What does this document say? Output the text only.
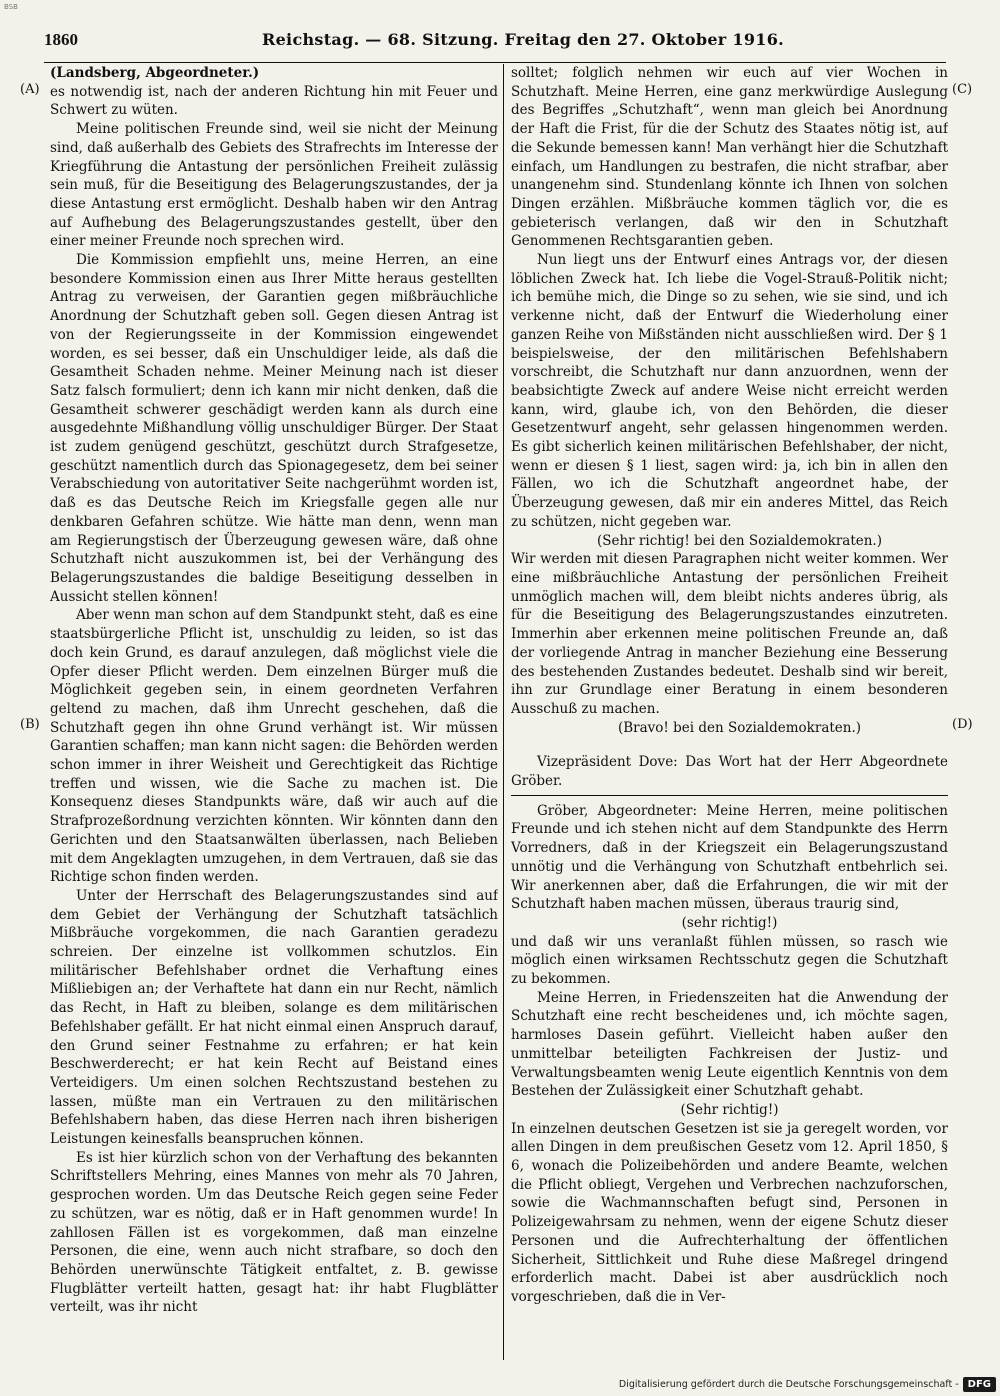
BSB
1860	Reichstag. — 68. Sitzung. Freitag den 27. Oktober 1916.
(A)
(B)
(C)
(D)

(Landsberg, Abgeordneter.)

es notwendig ist, nach der anderen Richtung hin mit Feuer und Schwert zu wüten.

Meine politischen Freunde sind, weil sie nicht der Meinung sind, daß außerhalb des Gebiets des Strafrechts im Interesse der Kriegführung die Antastung der persönlichen Freiheit zulässig sein muß, für die Beseitigung des Belagerungszustandes, der ja diese Antastung erst ermöglicht. Deshalb haben wir den Antrag auf Aufhebung des Belagerungszustandes gestellt, über den einer meiner Freunde noch sprechen wird.

Die Kommission empfiehlt uns, meine Herren, an eine besondere Kommission einen aus Ihrer Mitte heraus gestellten Antrag zu verweisen, der Garantien gegen mißbräuchliche Anordnung der Schutzhaft geben soll. Gegen diesen Antrag ist von der Regierungsseite in der Kommission eingewendet worden, es sei besser, daß ein Unschuldiger leide, als daß die Gesamtheit Schaden nehme. Meiner Meinung nach ist dieser Satz falsch formuliert; denn ich kann mir nicht denken, daß die Gesamtheit schwerer geschädigt werden kann als durch eine ausgedehnte Mißhandlung völlig unschuldiger Bürger. Der Staat ist zudem genügend geschützt, geschützt durch Strafgesetze, geschützt namentlich durch das Spionagegesetz, dem bei seiner Verabschiedung von autoritativer Seite nachgerühmt worden ist, daß es das Deutsche Reich im Kriegsfalle gegen alle nur denkbaren Gefahren schütze. Wie hätte man denn, wenn man am Regierungstisch der Überzeugung gewesen wäre, daß ohne Schutzhaft nicht auszukommen ist, bei der Verhängung des Belagerungszustandes die baldige Beseitigung desselben in Aussicht stellen können!

Aber wenn man schon auf dem Standpunkt steht, daß es eine staatsbürgerliche Pflicht ist, unschuldig zu leiden, so ist das doch kein Grund, es darauf anzulegen, daß möglichst viele die Opfer dieser Pflicht werden. Dem einzelnen Bürger muß die Möglichkeit gegeben sein, in einem geordneten Verfahren geltend zu machen, daß ihm Unrecht geschehen, daß die Schutzhaft gegen ihn ohne Grund verhängt ist. Wir müssen Garantien schaffen; man kann nicht sagen: die Behörden werden schon immer in ihrer Weisheit und Gerechtigkeit das Richtige treffen und wissen, wie die Sache zu machen ist. Die Konsequenz dieses Standpunkts wäre, daß wir auch auf die Strafprozeßordnung verzichten könnten. Wir könnten dann den Gerichten und den Staatsanwälten überlassen, nach Belieben mit dem Angeklagten umzugehen, in dem Vertrauen, daß sie das Richtige schon finden werden.

Unter der Herrschaft des Belagerungszustandes sind auf dem Gebiet der Verhängung der Schutzhaft tatsächlich Mißbräuche vorgekommen, die nach Garantien geradezu schreien. Der einzelne ist vollkommen schutzlos. Ein militärischer Befehlshaber ordnet die Verhaftung eines Mißliebigen an; der Verhaftete hat dann ein nur Recht, nämlich das Recht, in Haft zu bleiben, solange es dem militärischen Befehlshaber gefällt. Er hat nicht einmal einen Anspruch darauf, den Grund seiner Festnahme zu erfahren; er hat kein Beschwerderecht; er hat kein Recht auf Beistand eines Verteidigers. Um einen solchen Rechtszustand bestehen zu lassen, müßte man ein Vertrauen zu den militärischen Befehlshabern haben, das diese Herren nach ihren bisherigen Leistungen keinesfalls beanspruchen können.

Es ist hier kürzlich schon von der Verhaftung des bekannten Schriftstellers Mehring, eines Mannes von mehr als 70 Jahren, gesprochen worden. Um das Deutsche Reich gegen seine Feder zu schützen, war es nötig, daß er in Haft genommen wurde! In zahllosen Fällen ist es vorgekommen, daß man einzelne Personen, die eine, wenn auch nicht strafbare, so doch den Behörden unerwünschte Tätigkeit entfaltet, z. B. gewisse Flugblätter verteilt hatten, gesagt hat: ihr habt Flugblätter verteilt, was ihr nicht

solltet; folglich nehmen wir euch auf vier Wochen in Schutzhaft. Meine Herren, eine ganz merkwürdige Auslegung des Begriffes „Schutzhaft“, wenn man gleich bei Anordnung der Haft die Frist, für die der Schutz des Staates nötig ist, auf die Sekunde bemessen kann! Man verhängt hier die Schutzhaft einfach, um Handlungen zu bestrafen, die nicht strafbar, aber unangenehm sind. Stundenlang könnte ich Ihnen von solchen Dingen erzählen. Mißbräuche kommen täglich vor, die es gebieterisch verlangen, daß wir den in Schutzhaft Genommenen Rechtsgarantien geben.

Nun liegt uns der Entwurf eines Antrags vor, der diesen löblichen Zweck hat. Ich liebe die Vogel-Strauß-Politik nicht; ich bemühe mich, die Dinge so zu sehen, wie sie sind, und ich verkenne nicht, daß der Entwurf die Wiederholung einer ganzen Reihe von Mißständen nicht ausschließen wird. Der § 1 beispielsweise, der den militärischen Befehlshabern vorschreibt, die Schutzhaft nur dann anzuordnen, wenn der beabsichtigte Zweck auf andere Weise nicht erreicht werden kann, wird, glaube ich, von den Behörden, die dieser Gesetzentwurf angeht, sehr gelassen hingenommen werden. Es gibt sicherlich keinen militärischen Befehlshaber, der nicht, wenn er diesen § 1 liest, sagen wird: ja, ich bin in allen den Fällen, wo ich die Schutzhaft angeordnet habe, der Überzeugung gewesen, daß mir ein anderes Mittel, das Reich zu schützen, nicht gegeben war.

(Sehr richtig! bei den Sozialdemokraten.)

Wir werden mit diesen Paragraphen nicht weiter kommen. Wer eine mißbräuchliche Antastung der persönlichen Freiheit unmöglich machen will, dem bleibt nichts anderes übrig, als für die Beseitigung des Belagerungszustandes einzutreten. Immerhin aber erkennen meine politischen Freunde an, daß der vorliegende Antrag in mancher Beziehung eine Besserung des bestehenden Zustandes bedeutet. Deshalb sind wir bereit, ihn zur Grundlage einer Beratung in einem besonderen Ausschuß zu machen.

(Bravo! bei den Sozialdemokraten.)

Vizepräsident Dove: Das Wort hat der Herr Abgeordnete Gröber.

Gröber, Abgeordneter: Meine Herren, meine politischen Freunde und ich stehen nicht auf dem Standpunkte des Herrn Vorredners, daß in der Kriegszeit ein Belagerungszustand unnötig und die Verhängung von Schutzhaft entbehrlich sei. Wir anerkennen aber, daß die Erfahrungen, die wir mit der Schutzhaft haben machen müssen, überaus traurig sind,

(sehr richtig!)

und daß wir uns veranlaßt fühlen müssen, so rasch wie möglich einen wirksamen Rechtsschutz gegen die Schutzhaft zu bekommen.

Meine Herren, in Friedenszeiten hat die Anwendung der Schutzhaft eine recht bescheidenes und, ich möchte sagen, harmloses Dasein geführt. Vielleicht haben außer den unmittelbar beteiligten Fachkreisen der Justiz- und Verwaltungsbeamten wenig Leute eigentlich Kenntnis von dem Bestehen der Zulässigkeit einer Schutzhaft gehabt.

(Sehr richtig!)

In einzelnen deutschen Gesetzen ist sie ja geregelt worden, vor allen Dingen in dem preußischen Gesetz vom 12. April 1850, § 6, wonach die Polizeibehörden und andere Beamte, welchen die Pflicht obliegt, Vergehen und Verbrechen nachzuforschen, sowie die Wachmannschaften befugt sind, Personen in Polizeigewahrsam zu nehmen, wenn der eigene Schutz dieser Personen und die Aufrechterhaltung der öffentlichen Sicherheit, Sittlichkeit und Ruhe diese Maßregel dringend erforderlich macht. Dabei ist aber ausdrücklich noch vorgeschrieben, daß die in Ver-

Digitalisierung gefördert durch die Deutsche Forschungsgemeinschaft - DFG
